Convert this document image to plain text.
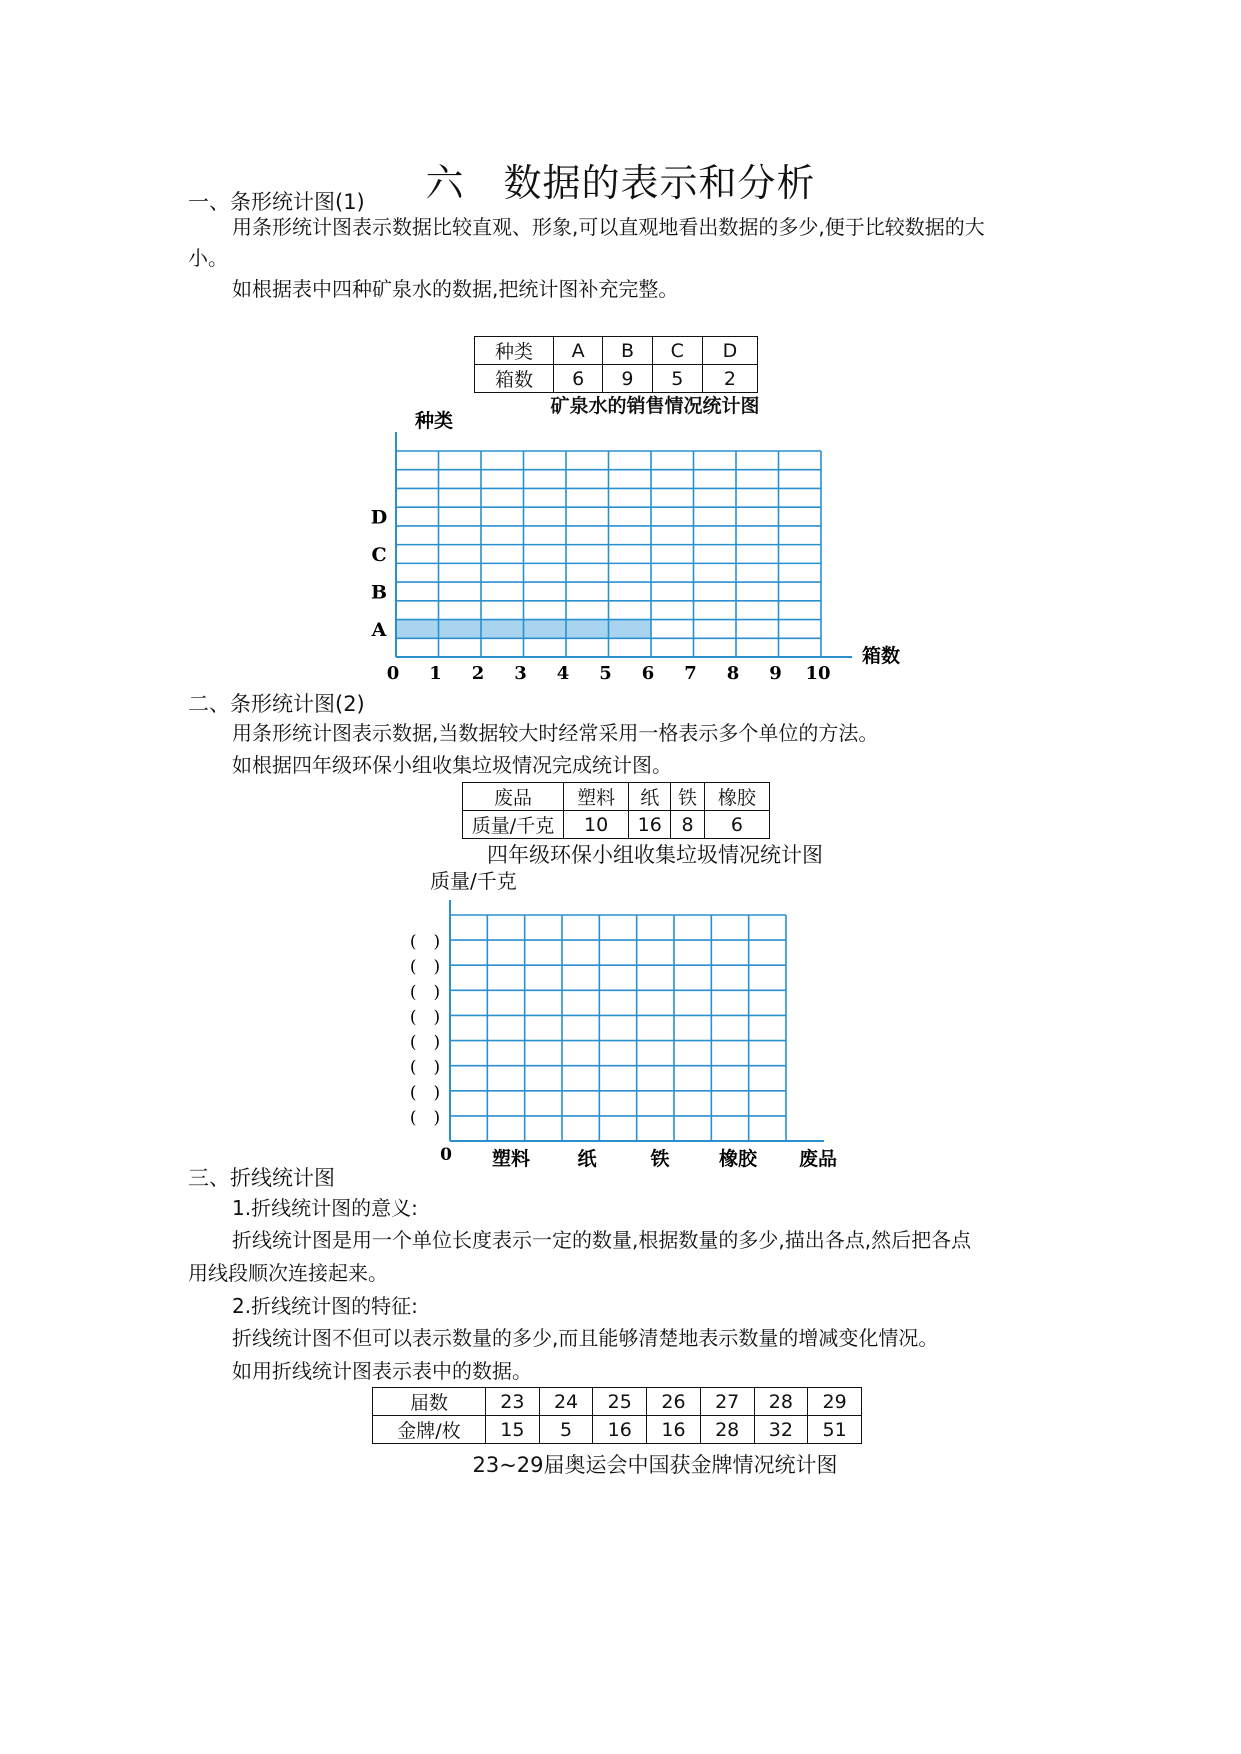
六　数据的表示和分析
一、条形统计图(1)
用条形统计图表示数据比较直观、形象,可以直观地看出数据的多少,便于比较数据的大
小。
如根据表中四种矿泉水的数据,把统计图补充完整。
种类	A	B	C	D
箱数	6	9	5	2
矿泉水的销售情况统计图
0 1 2 3 4 5 6 7 8 9 10
A
B
C
D
种类
箱数
(　)
(　)
(　)
(　)
(　)
(　)
(　)
(　)
0 塑料 纸	铁	橡胶 废品
二、条形统计图(2)
用条形统计图表示数据,当数据较大时经常采用一格表示多个单位的方法。
如根据四年级环保小组收集垃圾情况完成统计图。
废品	塑料	纸	铁	橡胶
质量/千克	10	16	8	6
四年级环保小组收集垃圾情况统计图
质量/千克
三、折线统计图
1.折线统计图的意义:
折线统计图是用一个单位长度表示一定的数量,根据数量的多少,描出各点,然后把各点
用线段顺次连接起来。
2.折线统计图的特征:
折线统计图不但可以表示数量的多少,而且能够清楚地表示数量的增减变化情况。
如用折线统计图表示表中的数据。
届数	23	24	25	26	27	28	29
金牌/枚	15	5	16	16	28	32	51
23~29届奥运会中国获金牌情况统计图
